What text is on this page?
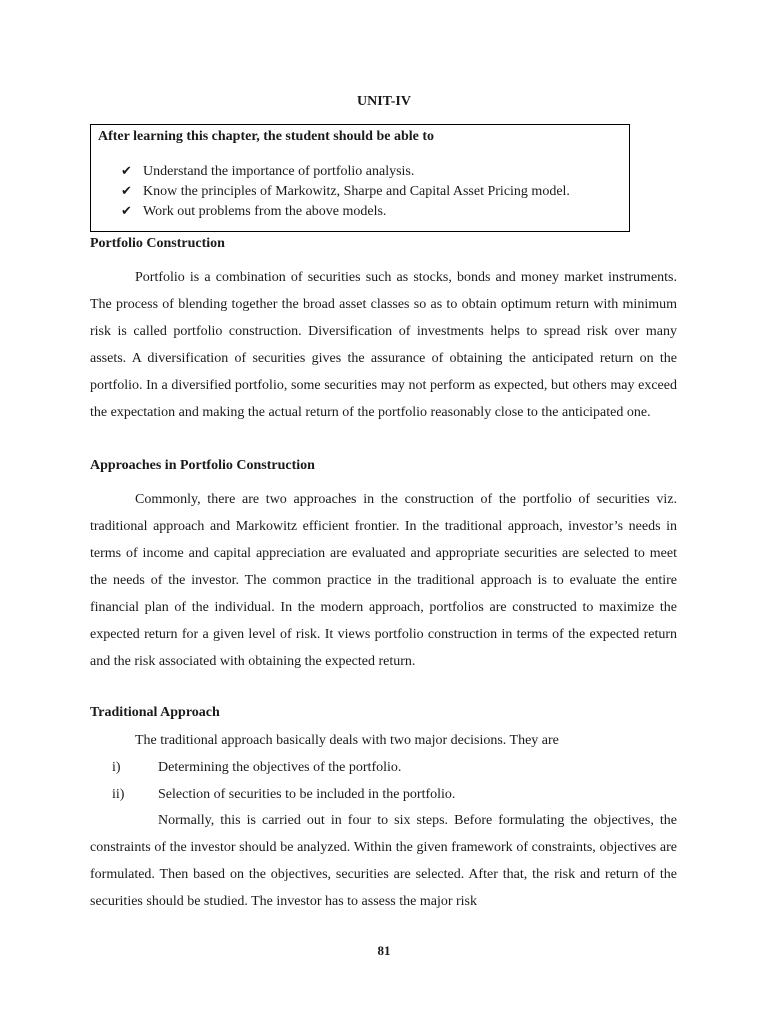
UNIT-IV
After learning this chapter, the student should be able to
✔ Understand the importance of portfolio analysis.
✔ Know the principles of Markowitz, Sharpe and Capital Asset Pricing model.
✔ Work out problems from the above models.
Portfolio Construction

Portfolio is a combination of securities such as stocks, bonds and money market instruments. The process of blending together the broad asset classes so as to obtain optimum return with minimum risk is called portfolio construction. Diversification of investments helps to spread risk over many assets. A diversification of securities gives the assurance of obtaining the anticipated return on the portfolio. In a diversified portfolio, some securities may not perform as expected, but others may exceed the expectation and making the actual return of the portfolio reasonably close to the anticipated one.

Approaches in Portfolio Construction

Commonly, there are two approaches in the construction of the portfolio of securities viz. traditional approach and Markowitz efficient frontier. In the traditional approach, investor’s needs in terms of income and capital appreciation are evaluated and appropriate securities are selected to meet the needs of the investor. The common practice in the traditional approach is to evaluate the entire financial plan of the individual. In the modern approach, portfolios are constructed to maximize the expected return for a given level of risk. It views portfolio construction in terms of the expected return and the risk associated with obtaining the expected return.

Traditional Approach
The traditional approach basically deals with two major decisions. They are
i)	Determining the objectives of the portfolio.
ii) Selection of securities to be included in the portfolio.

Normally, this is carried out in four to six steps. Before formulating the objectives, the constraints of the investor should be analyzed. Within the given framework of constraints, objectives are formulated. Then based on the objectives, securities are selected. After that, the risk and return of the securities should be studied. The investor has to assess the major risk

81
